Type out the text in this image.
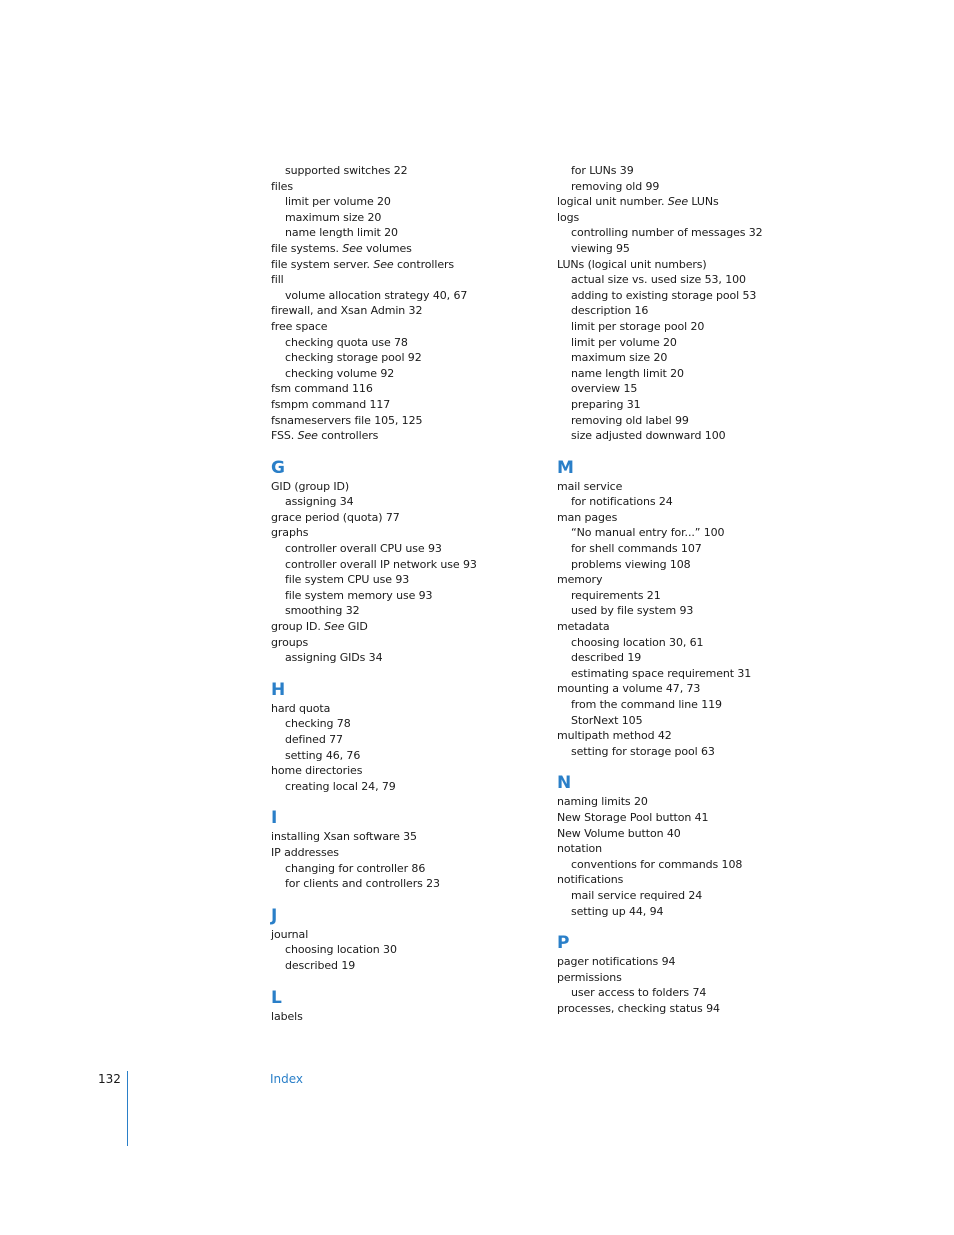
supported switches 22
files
limit per volume 20
maximum size 20
name length limit 20
file systems. See volumes
file system server. See controllers
fill
volume allocation strategy 40, 67
firewall, and Xsan Admin 32
free space
checking quota use 78
checking storage pool 92
checking volume 92
fsm command 116
fsmpm command 117
fsnameservers file 105, 125
FSS. See controllers
G
GID (group ID)
assigning 34
grace period (quota) 77
graphs
controller overall CPU use 93
controller overall IP network use 93
file system CPU use 93
file system memory use 93
smoothing 32
group ID. See GID
groups
assigning GIDs 34
H
hard quota
checking 78
defined 77
setting 46, 76
home directories
creating local 24, 79
I
installing Xsan software 35
IP addresses
changing for controller 86
for clients and controllers 23
J
journal
choosing location 30
described 19
L
labels
for LUNs 39
removing old 99
logical unit number. See LUNs
logs
controlling number of messages 32
viewing 95
LUNs (logical unit numbers)
actual size vs. used size 53, 100
adding to existing storage pool 53
description 16
limit per storage pool 20
limit per volume 20
maximum size 20
name length limit 20
overview 15
preparing 31
removing old label 99
size adjusted downward 100
M
mail service
for notifications 24
man pages
“No manual entry for...” 100
for shell commands 107
problems viewing 108
memory
requirements 21
used by file system 93
metadata
choosing location 30, 61
described 19
estimating space requirement 31
mounting a volume 47, 73
from the command line 119
StorNext 105
multipath method 42
setting for storage pool 63
N
naming limits 20
New Storage Pool button 41
New Volume button 40
notation
conventions for commands 108
notifications
mail service required 24
setting up 44, 94
P
pager notifications 94
permissions
user access to folders 74
processes, checking status 94
132	Index
